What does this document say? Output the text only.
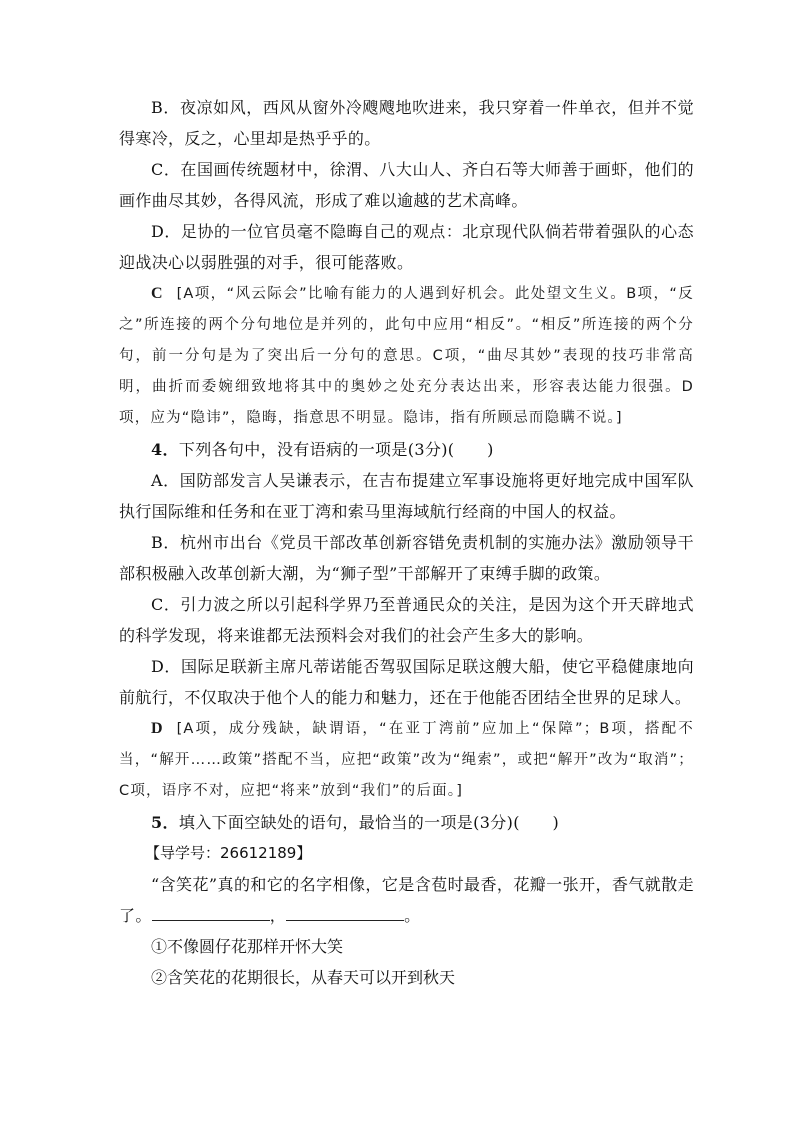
B．夜凉如风，西风从窗外冷飕飕地吹进来，我只穿着一件单衣，但并不觉得寒冷，反之，心里却是热乎乎的。

C．在国画传统题材中，徐渭、八大山人、齐白石等大师善于画虾，他们的画作曲尽其妙，各得风流，形成了难以逾越的艺术高峰。

D．足协的一位官员毫不隐晦自己的观点：北京现代队倘若带着强队的心态迎战决心以弱胜强的对手，很可能落败。

C [A项，“风云际会”比喻有能力的人遇到好机会。此处望文生义。B项，“反之”所连接的两个分句地位是并列的，此句中应用“相反”。“相反”所连接的两个分句，前一分句是为了突出后一分句的意思。C项，“曲尽其妙”表现的技巧非常高明，曲折而委婉细致地将其中的奥妙之处充分表达出来，形容表达能力很强。D项，应为“隐讳”，隐晦，指意思不明显。隐讳，指有所顾忌而隐瞒不说。]

4．下列各句中，没有语病的一项是(3分)(　　)

A．国防部发言人吴谦表示，在吉布提建立军事设施将更好地完成中国军队执行国际维和任务和在亚丁湾和索马里海域航行经商的中国人的权益。

B．杭州市出台《党员干部改革创新容错免责机制的实施办法》激励领导干部积极融入改革创新大潮，为“狮子型”干部解开了束缚手脚的政策。

C．引力波之所以引起科学界乃至普通民众的关注，是因为这个开天辟地式的科学发现，将来谁都无法预料会对我们的社会产生多大的影响。

D．国际足联新主席凡蒂诺能否驾驭国际足联这艘大船，使它平稳健康地向前航行，不仅取决于他个人的能力和魅力，还在于他能否团结全世界的足球人。

D [A项，成分残缺，缺谓语，“在亚丁湾前”应加上“保障”；B项，搭配不当，“解开……政策”搭配不当，应把“政策”改为“绳索”，或把“解开”改为“取消”；C项，语序不对，应把“将来”放到“我们”的后面。]

5．填入下面空缺处的语句，最恰当的一项是(3分)(　　)

【导学号：26612189】

“含笑花”真的和它的名字相像，它是含苞时最香，花瓣一张开，香气就散走了。	，	。

①不像圆仔花那样开怀大笑

②含笑花的花期很长，从春天可以开到秋天
